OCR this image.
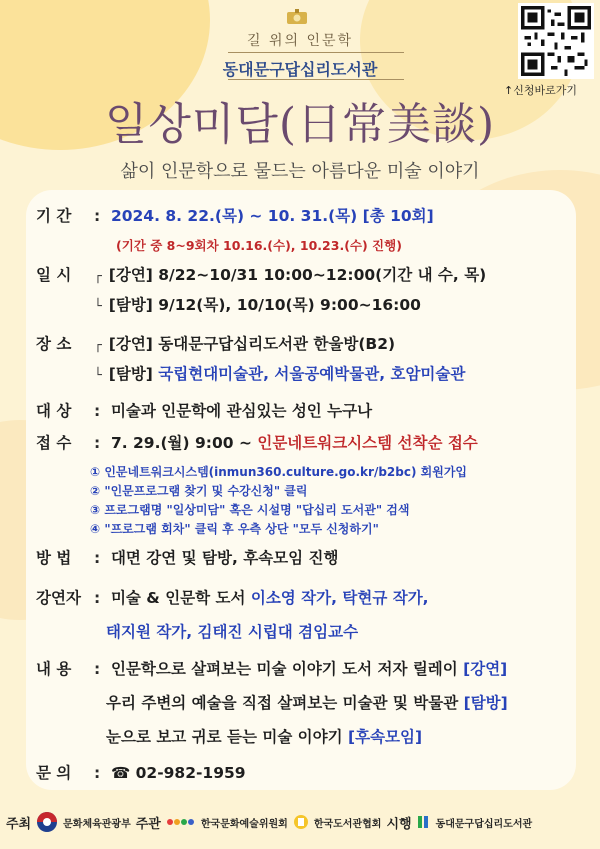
길 위의 인문학
동대문구답십리도서관
일상미담(日常美談)
삶이 인문학으로 물드는 아름다운 미술 이야기
↑신청바로가기
기 간 : 2024. 8. 22.(목) ~ 10. 31.(목) [총 10회]
(기간 중 8~9회차 10.16.(수), 10.23.(수) 진행)
일 시 ┌ [강연] 8/22~10/31 10:00~12:00(기간 내 수, 목)
└ [탐방] 9/12(목), 10/10(목) 9:00~16:00
장 소 ┌ [강연] 동대문구답십리도서관 한울방(B2)
└ [탐방] 국립현대미술관, 서울공예박물관, 호암미술관
대 상 : 미술과 인문학에 관심있는 성인 누구나
접 수 : 7. 29.(월) 9:00 ~ 인문네트워크시스템 선착순 접수
① 인문네트워크시스템(inmun360.culture.go.kr/b2bc) 회원가입
② "인문프로그램 찾기 및 수강신청" 클릭
③ 프로그램명 "일상미담" 혹은 시설명 "답십리 도서관" 검색
④ "프로그램 회차" 클릭 후 우측 상단 "모두 신청하기"
방 법 : 대면 강연 및 탐방, 후속모임 진행
강연자 : 미술 & 인문학 도서 이소영 작가, 탁현규 작가,
태지원 작가, 김태진 시립대 겸임교수
내 용 : 인문학으로 살펴보는 미술 이야기 도서 저자 릴레이 [강연]
우리 주변의 예술을 직접 살펴보는 미술관 및 박물관 [탐방]
눈으로 보고 귀로 듣는 미술 이야기 [후속모임]
문 의 : ☎ 02-982-1959
주최	문화체육관광부 주관	한국문화예술위원회	한국도서관협회 시행 동대문구답십리도서관
